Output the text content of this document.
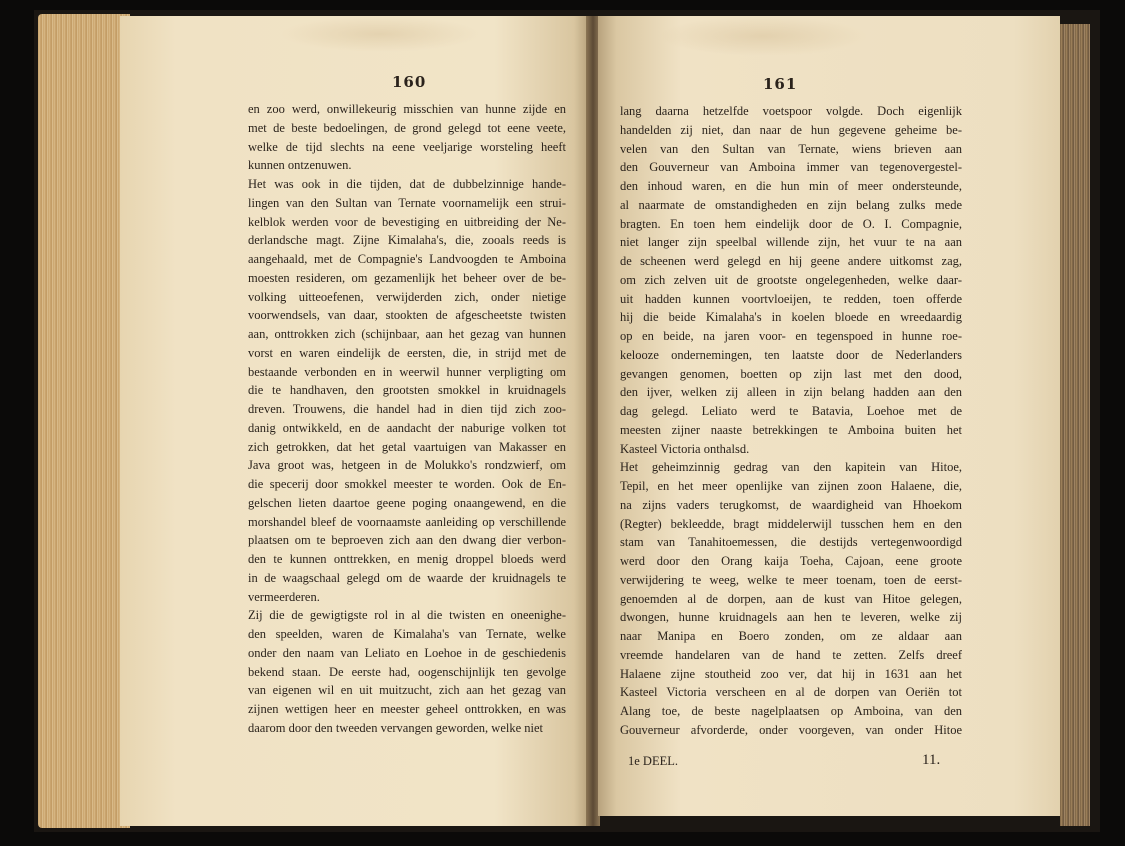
160
en zoo werd, onwillekeurig misschien van hunne zijde en
met de beste bedoelingen, de grond gelegd tot eene veete,
welke de tijd slechts na eene veeljarige worsteling heeft
kunnen ontzenuwen.
Het was ook in die tijden, dat de dubbelzinnige hande-
lingen van den Sultan van Ternate voornamelijk een strui-
kelblok werden voor de bevestiging en uitbreiding der Ne-
derlandsche magt. Zijne Kimalaha's, die, zooals reeds is
aangehaald, met de Compagnie's Landvoogden te Amboina
moesten resideren, om gezamenlijk het beheer over de be-
volking uitteoefenen, verwijderden zich, onder nietige
voorwendsels, van daar, stookten de afgescheetste twisten
aan, onttrokken zich (schijnbaar, aan het gezag van hunnen
vorst en waren eindelijk de eersten, die, in strijd met de
bestaande verbonden en in weerwil hunner verpligting om
die te handhaven, den grootsten smokkel in kruidnagels
dreven. Trouwens, die handel had in dien tijd zich zoo-
danig ontwikkeld, en de aandacht der naburige volken tot
zich getrokken, dat het getal vaartuigen van Makasser en
Java groot was, hetgeen in de Molukko's rondzwierf, om
die specerij door smokkel meester te worden. Ook de En-
gelschen lieten daartoe geene poging onaangewend, en die
morshandel bleef de voornaamste aanleiding op verschillende
plaatsen om te beproeven zich aan den dwang dier verbon-
den te kunnen onttrekken, en menig droppel bloeds werd
in de waagschaal gelegd om de waarde der kruidnagels te
vermeerderen.
Zij die de gewigtigste rol in al die twisten en oneenighe-
den speelden, waren de Kimalaha's van Ternate, welke
onder den naam van Leliato en Loehoe in de geschiedenis
bekend staan. De eerste had, oogenschijnlijk ten gevolge
van eigenen wil en uit muitzucht, zich aan het gezag van
zijnen wettigen heer en meester geheel onttrokken, en was
daarom door den tweeden vervangen geworden, welke niet
161
lang daarna hetzelfde voetspoor volgde. Doch eigenlijk
handelden zij niet, dan naar de hun gegevene geheime be-
velen van den Sultan van Ternate, wiens brieven aan
den Gouverneur van Amboina immer van tegenovergestel-
den inhoud waren, en die hun min of meer ondersteunde,
al naarmate de omstandigheden en zijn belang zulks mede
bragten. En toen hem eindelijk door de O. I. Compagnie,
niet langer zijn speelbal willende zijn, het vuur te na aan
de scheenen werd gelegd en hij geene andere uitkomst zag,
om zich zelven uit de grootste ongelegenheden, welke daar-
uit hadden kunnen voortvloeijen, te redden, toen offerde
hij die beide Kimalaha's in koelen bloede en wreedaardig
op en beide, na jaren voor- en tegenspoed in hunne roe-
kelooze ondernemingen, ten laatste door de Nederlanders
gevangen genomen, boetten op zijn last met den dood,
den ijver, welken zij alleen in zijn belang hadden aan den
dag gelegd. Leliato werd te Batavia, Loehoe met de
meesten zijner naaste betrekkingen te Amboina buiten het
Kasteel Victoria onthalsd.
Het geheimzinnig gedrag van den kapitein van Hitoe,
Tepil, en het meer openlijke van zijnen zoon Halaene, die,
na zijns vaders terugkomst, de waardigheid van Hhoekom
(Regter) bekleedde, bragt middelerwijl tusschen hem en den
stam van Tanahitoemessen, die destijds vertegenwoordigd
werd door den Orang kaija Toeha, Cajoan, eene groote
verwijdering te weeg, welke te meer toenam, toen de eerst-
genoemden al de dorpen, aan de kust van Hitoe gelegen,
dwongen, hunne kruidnagels aan hen te leveren, welke zij
naar Manipa en Boero zonden, om ze aldaar aan
vreemde handelaren van de hand te zetten. Zelfs dreef
Halaene zijne stoutheid zoo ver, dat hij in 1631 aan het
Kasteel Victoria verscheen en al de dorpen van Oeriën tot
Alang toe, de beste nagelplaatsen op Amboina, van den
Gouverneur afvorderde, onder voorgeven, van onder Hitoe
1e DEEL.	11.
